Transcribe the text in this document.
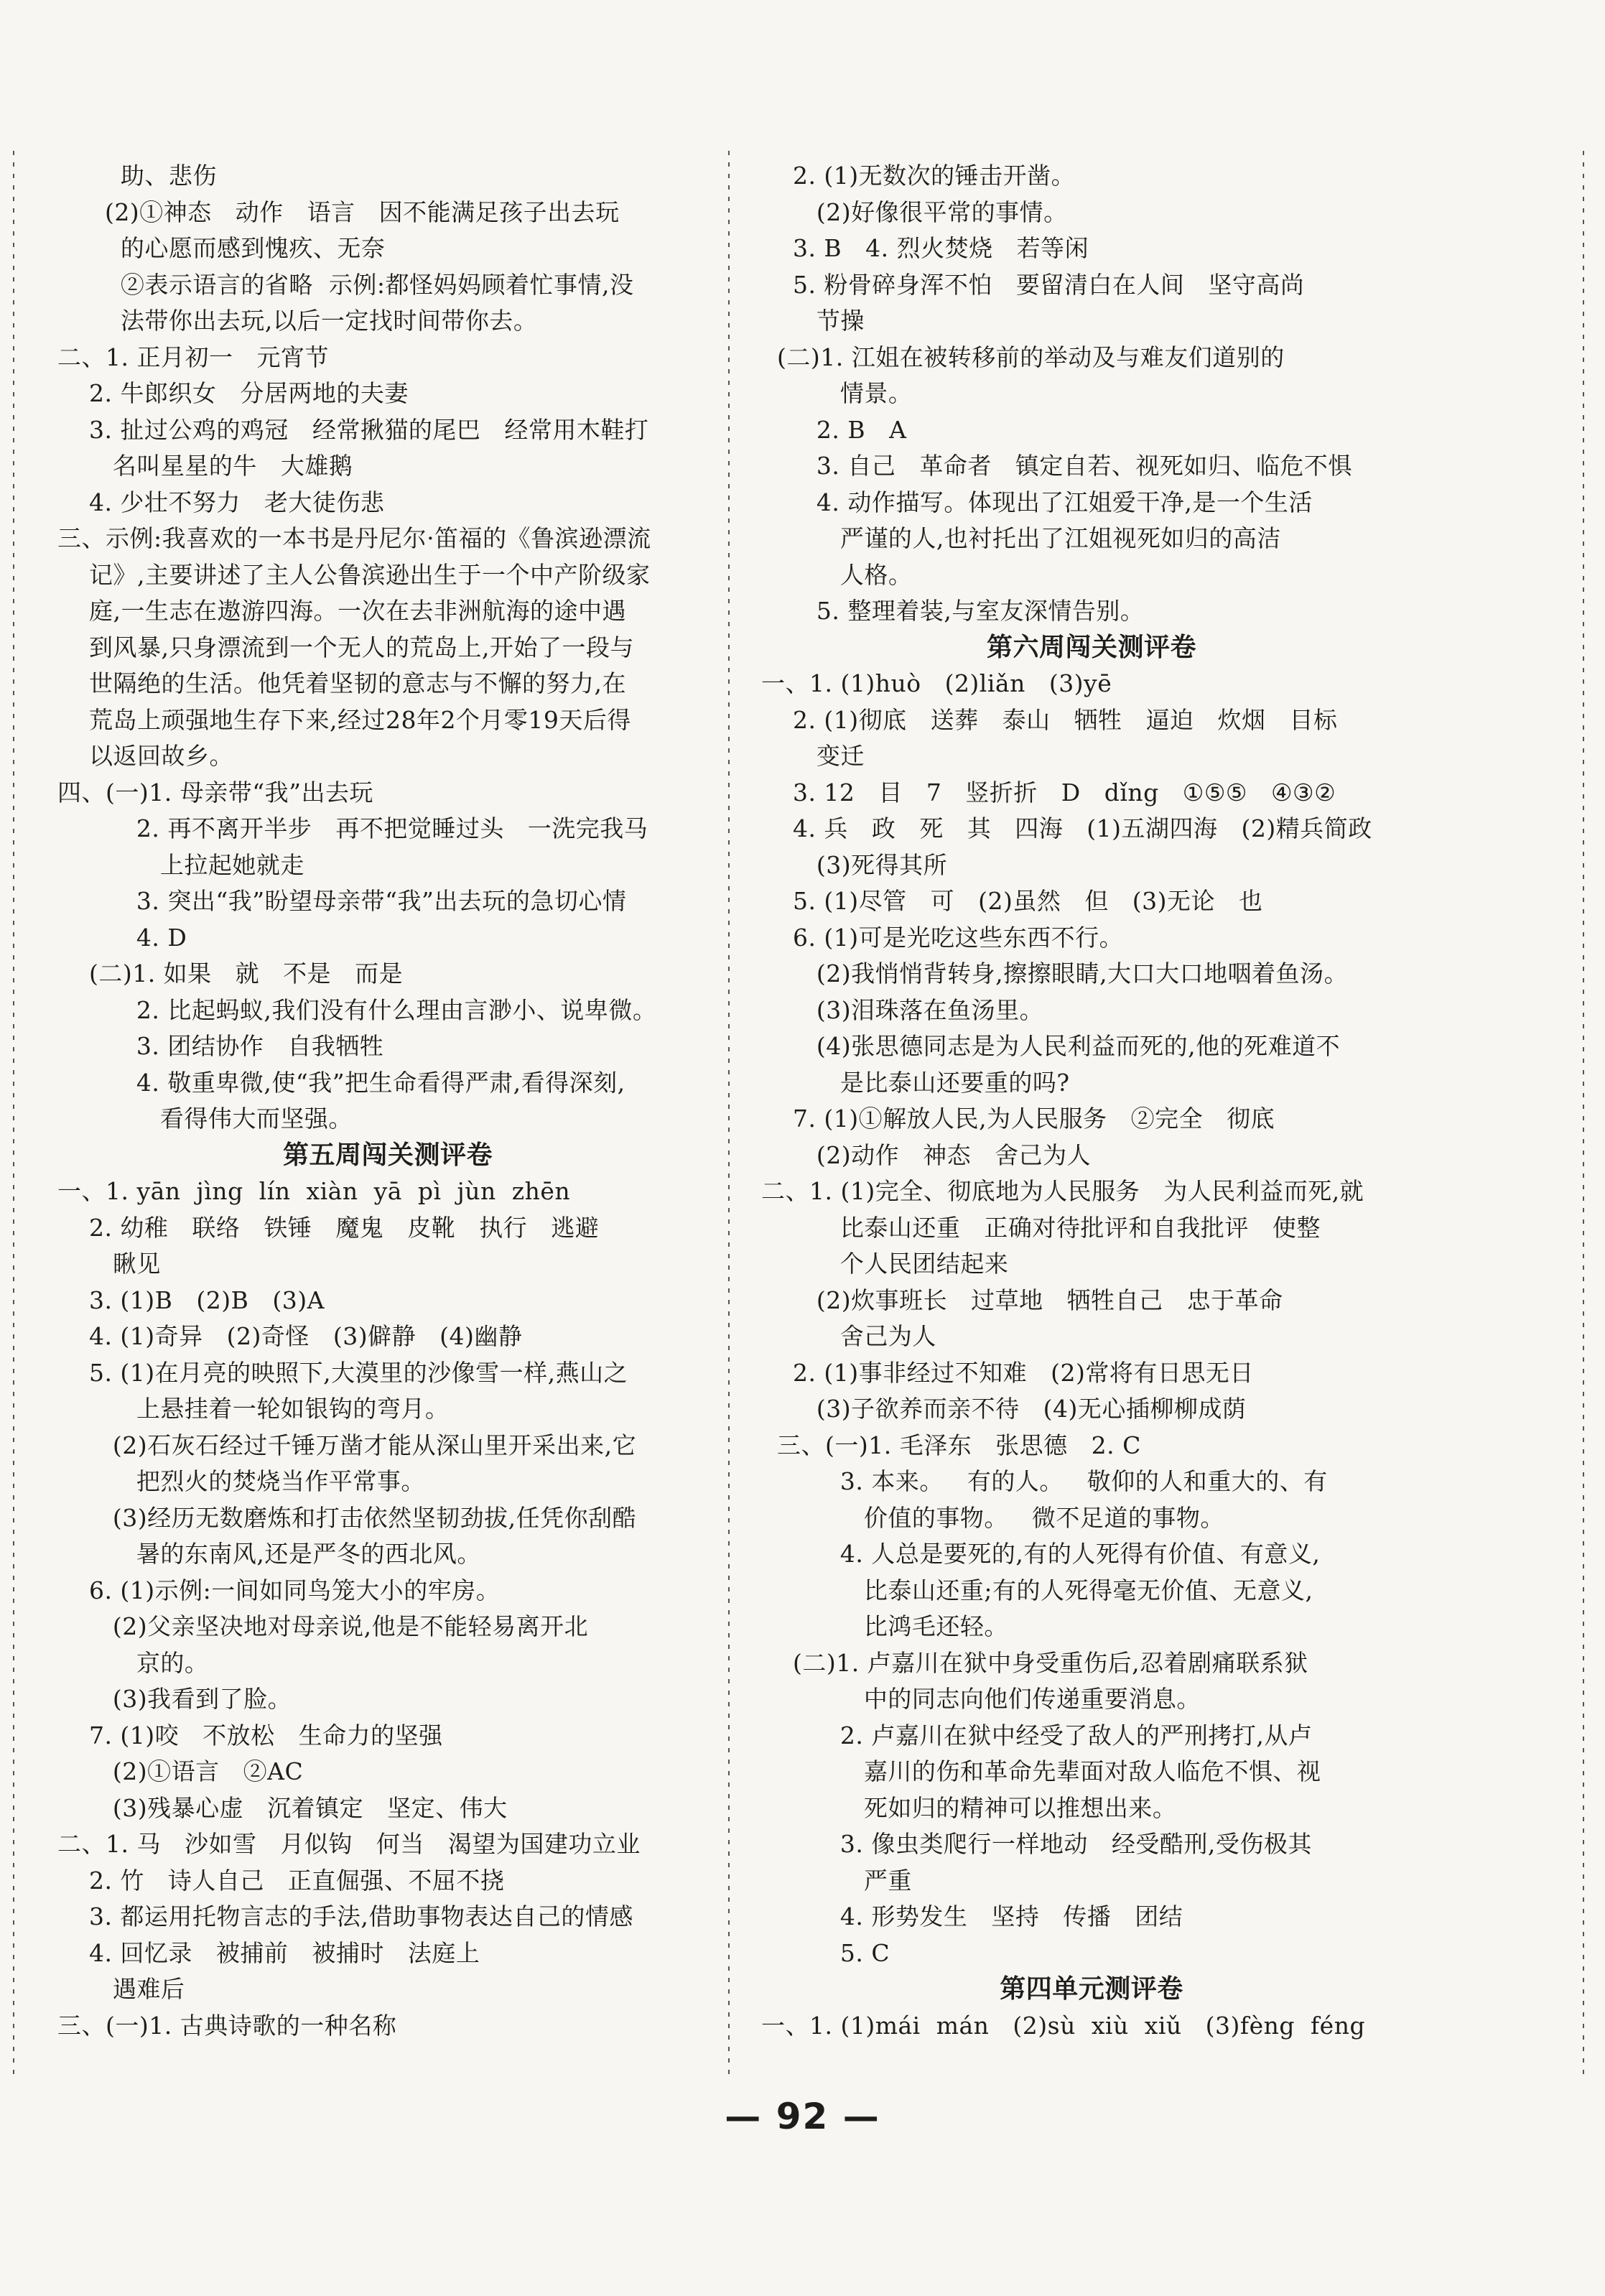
助、悲伤
(2)①神态   动作   语言   因不能满足孩子出去玩
的心愿而感到愧疚、无奈
②表示语言的省略  示例:都怪妈妈顾着忙事情,没
法带你出去玩,以后一定找时间带你去。
二、1. 正月初一   元宵节
2. 牛郎织女   分居两地的夫妻
3. 扯过公鸡的鸡冠   经常揪猫的尾巴   经常用木鞋打
名叫星星的牛   大雄鹅
4. 少壮不努力   老大徒伤悲
三、示例:我喜欢的一本书是丹尼尔·笛福的《鲁滨逊漂流
记》,主要讲述了主人公鲁滨逊出生于一个中产阶级家
庭,一生志在遨游四海。一次在去非洲航海的途中遇
到风暴,只身漂流到一个无人的荒岛上,开始了一段与
世隔绝的生活。他凭着坚韧的意志与不懈的努力,在
荒岛上顽强地生存下来,经过28年2个月零19天后得
以返回故乡。
四、(一)1. 母亲带“我”出去玩
2. 再不离开半步   再不把觉睡过头   一洗完我马
上拉起她就走
3. 突出“我”盼望母亲带“我”出去玩的急切心情
4. D
(二)1. 如果   就   不是   而是
2. 比起蚂蚁,我们没有什么理由言渺小、说卑微。
3. 团结协作   自我牺牲
4. 敬重卑微,使“我”把生命看得严肃,看得深刻,
看得伟大而坚强。
第五周闯关测评卷
一、1. yān  jìng  lín  xiàn  yā  pì  jùn  zhēn
2. 幼稚   联络   铁锤   魔鬼   皮靴   执行   逃避
瞅见
3. (1)B   (2)B   (3)A
4. (1)奇异   (2)奇怪   (3)僻静   (4)幽静
5. (1)在月亮的映照下,大漠里的沙像雪一样,燕山之
上悬挂着一轮如银钩的弯月。
(2)石灰石经过千锤万凿才能从深山里开采出来,它
把烈火的焚烧当作平常事。
(3)经历无数磨炼和打击依然坚韧劲拔,任凭你刮酷
暑的东南风,还是严冬的西北风。
6. (1)示例:一间如同鸟笼大小的牢房。
(2)父亲坚决地对母亲说,他是不能轻易离开北
京的。
(3)我看到了脸。
7. (1)咬   不放松   生命力的坚强
(2)①语言   ②AC
(3)残暴心虚   沉着镇定   坚定、伟大
二、1. 马   沙如雪   月似钩   何当   渴望为国建功立业
2. 竹   诗人自己   正直倔强、不屈不挠
3. 都运用托物言志的手法,借助事物表达自己的情感
4. 回忆录   被捕前   被捕时   法庭上
遇难后
三、(一)1. 古典诗歌的一种名称
2. (1)无数次的锤击开凿。
(2)好像很平常的事情。
3. B   4. 烈火焚烧   若等闲
5. 粉骨碎身浑不怕   要留清白在人间   坚守高尚
节操
(二)1. 江姐在被转移前的举动及与难友们道别的
情景。
2. B   A
3. 自己   革命者   镇定自若、视死如归、临危不惧
4. 动作描写。体现出了江姐爱干净,是一个生活
严谨的人,也衬托出了江姐视死如归的高洁
人格。
5. 整理着装,与室友深情告别。
第六周闯关测评卷
一、1. (1)huò   (2)liǎn   (3)yē
2. (1)彻底   送葬   泰山   牺牲   逼迫   炊烟   目标
变迁
3. 12   目   7   竖折折   D   dǐng   ①⑤⑤   ④③②
4. 兵   政   死   其   四海   (1)五湖四海   (2)精兵简政
(3)死得其所
5. (1)尽管   可   (2)虽然   但   (3)无论   也
6. (1)可是光吃这些东西不行。
(2)我悄悄背转身,擦擦眼睛,大口大口地咽着鱼汤。
(3)泪珠落在鱼汤里。
(4)张思德同志是为人民利益而死的,他的死难道不
是比泰山还要重的吗?
7. (1)①解放人民,为人民服务   ②完全   彻底
(2)动作   神态   舍己为人
二、1. (1)完全、彻底地为人民服务   为人民利益而死,就
比泰山还重   正确对待批评和自我批评   使整
个人民团结起来
(2)炊事班长   过草地   牺牲自己   忠于革命
舍己为人
2. (1)事非经过不知难   (2)常将有日思无日
(3)子欲养而亲不待   (4)无心插柳柳成荫
三、(一)1. 毛泽东   张思德   2. C
3. 本来。   有的人。   敬仰的人和重大的、有
价值的事物。   微不足道的事物。
4. 人总是要死的,有的人死得有价值、有意义,
比泰山还重;有的人死得毫无价值、无意义,
比鸿毛还轻。
(二)1. 卢嘉川在狱中身受重伤后,忍着剧痛联系狱
中的同志向他们传递重要消息。
2. 卢嘉川在狱中经受了敌人的严刑拷打,从卢
嘉川的伤和革命先辈面对敌人临危不惧、视
死如归的精神可以推想出来。
3. 像虫类爬行一样地动   经受酷刑,受伤极其
严重
4. 形势发生   坚持   传播   团结
5. C
第四单元测评卷
一、1. (1)mái  mán   (2)sù  xiù  xiǔ   (3)fèng  féng
— 92 —
